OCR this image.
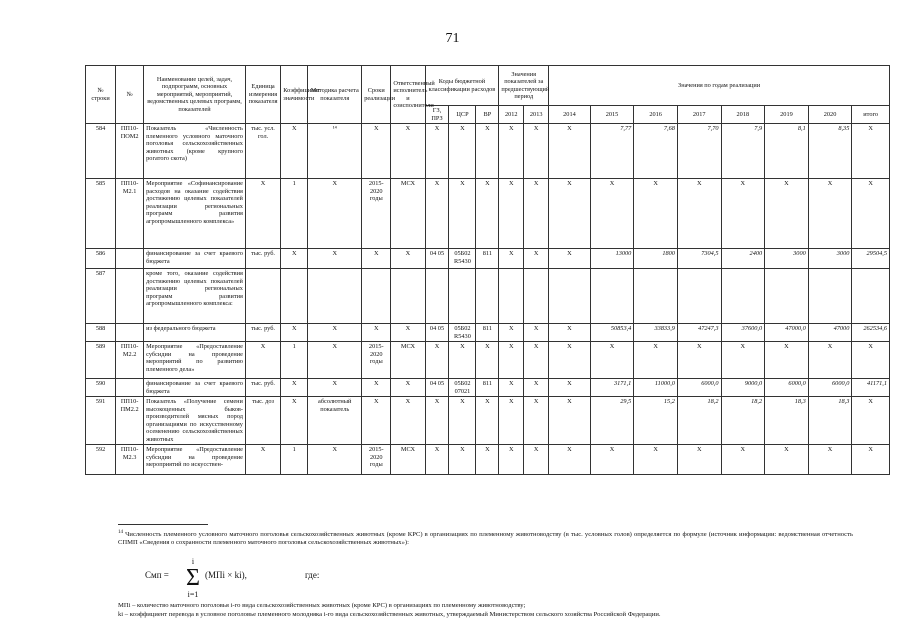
71
№ строки	№	Наименование целей, задач, подпрограмм, основных мероприятий, мероприятий, ведомственных целевых программ, показателей	Единица измерения показателя	Коэффициент значимости	Методика расчета показателя	Сроки реализации	Ответственный исполнитель и соисполнители	Коды бюджетной классификации расходов			Значения показателей за предшествующий период		Значения по годам реализации							
								ГЗ, ПРЗ	ЦСР	ВР	2012	2013	2014	2015	2016	2017	2018	2019	2020	итого
584	ПП10-ПОМ2	Показатель «Численность племенного условного маточного поголовья сельскохозяйственных животных (кроме крупного рогатого скота)	тыс. усл. гол.	Х	¹⁴	Х	Х	Х	Х	Х	Х	Х	Х	7,77	7,68	7,70	7,9	8,1	8,35	Х
585	ПП10-М2.1	Мероприятие «Софинансирование расходов на оказание содействия достижению целевых показателей реализации региональных программ развития агропромышленного комплекса»	Х	1	Х	2015-2020 годы	МСХ	Х	Х	Х	Х	Х	Х	Х	Х	Х	Х	Х	Х	Х
586		финансирование за счет краевого бюджета	тыс. руб.	Х	Х	Х	Х	04 05	05Б02 R5430	811	Х	Х	Х	13000	1800	7304,5	2400	3000	3000	29504,5
587		кроме того, оказание содействия достижению целевых показателей реализации региональных программ развития агропромышленного комплекса:																		
588		из федерального бюджета	тыс. руб.	Х	Х	Х	Х	04 05	05Б02 R5430	811	Х	Х	Х	50853,4	33833,9	47247,3	37600,0	47000,0	47000	262534,6
589	ПП10-М2.2	Мероприятие «Предоставление субсидии на проведение мероприятий по развитию племенного дела»	Х	1	Х	2015-2020 годы	МСХ	Х	Х	Х	Х	Х	Х	Х	Х	Х	Х	Х	Х	Х
590		финансирование за счет краевого бюджета	тыс. руб.	Х	Х	Х	Х	04 05	05Б02 07021	811	Х	Х	Х	3171,1	11000,0	6000,0	9000,0	6000,0	6000,0	41171,1
591	ПП10-ПМ2.2	Показатель «Получение семени высокоценных быков-производителей мясных пород организациями по искусственному осеменению сельскохозяйственных животных	тыс. доз	Х	абсолютный показатель	Х	Х	Х	Х	Х	Х	Х	Х	29,5	15,2	18,2	18,2	18,3	18,3	Х
592	ПП10-М2.3	Мероприятие «Предоставление субсидии на проведение мероприятий по искусствен-	Х	1	Х	2015-2020 годы	МСХ	Х	Х	Х	Х	Х	Х	Х	Х	Х	Х	Х	Х	Х
$^{14}$ Численность племенного условного маточного поголовья сельскохозяйственных животных (кроме КРС) в организациях по племенному животноводству (в тыс. условных голов) определяется по формуле (источник информации: ведомственная отчетность СПМП «Сведения о сохранности племенного маточного поголовья сельскохозяйственных животных»):
Смп =
i
Σ
i=1
(МПi × ki),	где:
МПi – количество маточного поголовья i-го вида сельскохозяйственных животных (кроме КРС) в организациях по племенному животноводству;
ki – коэффициент перевода в условное поголовье племенного молодняка i-го вида сельскохозяйственных животных, утверждаемый Министерством сельского хозяйства Российской Федерации.
